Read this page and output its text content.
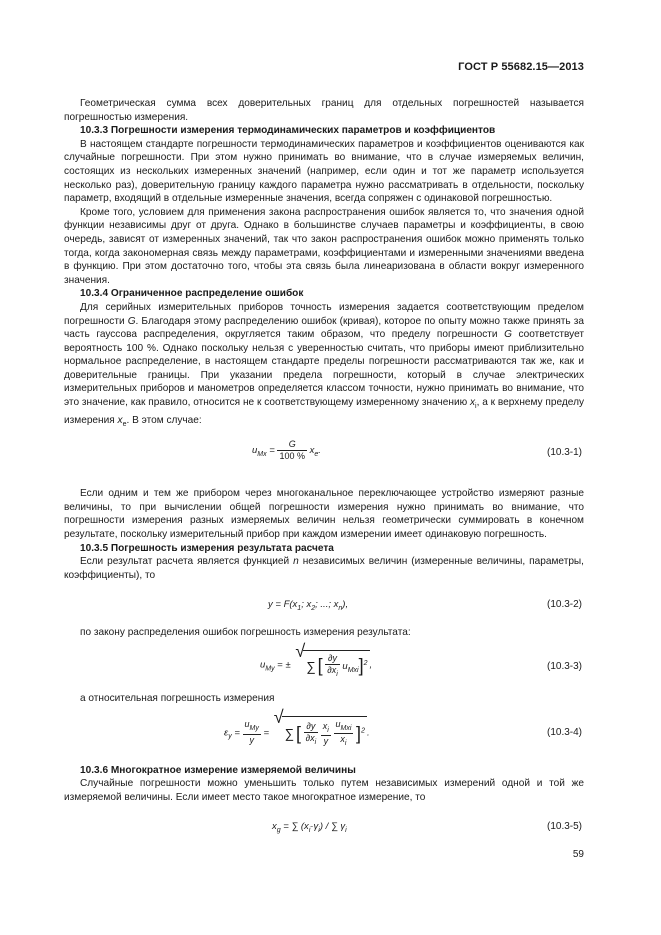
ГОСТ Р 55682.15—2013

Геометрическая сумма всех доверительных границ для отдельных погрешностей называется погрешностью измерения.

10.3.3 Погрешности измерения термодинамических параметров и коэффициентов

В настоящем стандарте погрешности термодинамических параметров и коэффициентов оцениваются как случайные погрешности. При этом нужно принимать во внимание, что в случае измеряемых величин, состоящих из нескольких измеренных значений (например, если один и тот же параметр используется несколько раз), доверительную границу каждого параметра нужно рассматривать в отдельности, поскольку параметр, входящий в отдельные измеренные значения, всегда сопряжен с одинаковой погрешностью.

Кроме того, условием для применения закона распространения ошибок является то, что значения одной функции независимы друг от друга. Однако в большинстве случаев параметры и коэффициенты, в свою очередь, зависят от измеренных значений, так что закон распространения ошибок можно применять только тогда, когда закономерная связь между параметрами, коэффициентами и измеренными значениями введена в функцию. При этом достаточно того, чтобы эта связь была линеаризована в области вокруг измеренного значения.

10.3.4 Ограниченное распределение ошибок

Для серийных измерительных приборов точность измерения задается соответствующим пределом погрешности G. Благодаря этому распределению ошибок (кривая), которое по опыту можно также принять за часть гауссова распределения, округляется таким образом, что пределу погрешности G соответствует вероятность 100 %. Однако поскольку нельзя с уверенностью считать, что приборы имеют приблизительно нормальное распределение, в настоящем стандарте пределы погрешности рассматриваются так же, как и доверительные границы. При указании предела погрешности, который в случае электрических измерительных приборов и манометров определяется классом точности, нужно принимать во внимание, что это значение, как правило, относится не к соответствующему измеренному значению $x_i$, а к верхнему пределу измерения $x_e$. В этом случае:

$u_{Mx} = \frac{G}{100 \%} x_e$.	(10.3-1)

Если одним и тем же прибором через многоканальное переключающее устройство измеряют разные величины, то при вычислении общей погрешности измерения нужно принимать во внимание, что погрешности измерения разных измеряемых величин нельзя геометрически суммировать в конечном результате, поскольку измерительный прибор при каждом измерении имеет одинаковую погрешность.

10.3.5 Погрешность измерения результата расчета

Если результат расчета является функцией n независимых величин (измеренные величины, параметры, коэффициенты), то

$y = F(x_1$; $x_2$; ...; $x_n$),	(10.3-2)

по закону распределения ошибок погрешность измерения результата:

$u_{My}$ = ± √ ∑ [ $\frac{\partial y}{\partial x_i} u_{Mxi}]^2$ ,	(10.3-3)

а относительная погрешность измерения

$\varepsilon_y = \frac{u_{My}}{y}$ = √ ∑ [ $\frac{\partial y}{\partial x_i}$
$\frac{x_i}{y}$
$\frac{u_{Mxi}}{x_i} ]^2$ .	(10.3-4)
10.3.6 Многократное измерение измеряемой величины

Случайные погрешности можно уменьшить только путем независимых измерений одной и той же измеряемой величины. Если имеет место такое многократное измерение, то

$x_g$ = ∑ $(x_i\cdot\gamma_i)$ / ∑ $\gamma_i$	(10.3-5)
59
